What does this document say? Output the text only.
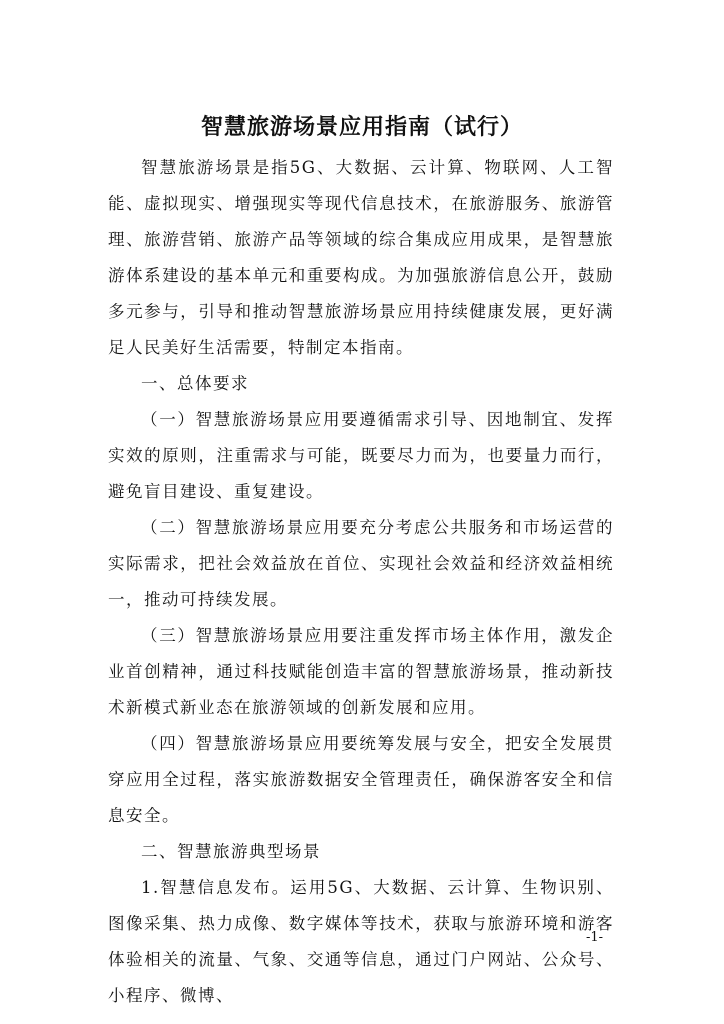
智慧旅游场景应用指南（试行）

智慧旅游场景是指5G、大数据、云计算、物联网、人工智能、虚拟现实、增强现实等现代信息技术，在旅游服务、旅游管理、旅游营销、旅游产品等领域的综合集成应用成果，是智慧旅游体系建设的基本单元和重要构成。为加强旅游信息公开，鼓励多元参与，引导和推动智慧旅游场景应用持续健康发展，更好满足人民美好生活需要，特制定本指南。

一、总体要求

（一）智慧旅游场景应用要遵循需求引导、因地制宜、发挥实效的原则，注重需求与可能，既要尽力而为，也要量力而行，避免盲目建设、重复建设。

（二）智慧旅游场景应用要充分考虑公共服务和市场运营的实际需求，把社会效益放在首位、实现社会效益和经济效益相统一，推动可持续发展。

（三）智慧旅游场景应用要注重发挥市场主体作用，激发企业首创精神，通过科技赋能创造丰富的智慧旅游场景，推动新技术新模式新业态在旅游领域的创新发展和应用。

（四）智慧旅游场景应用要统筹发展与安全，把安全发展贯穿应用全过程，落实旅游数据安全管理责任，确保游客安全和信息安全。

二、智慧旅游典型场景

1.智慧信息发布。运用5G、大数据、云计算、生物识别、图像采集、热力成像、数字媒体等技术，获取与旅游环境和游客体验相关的流量、气象、交通等信息，通过门户网站、公众号、小程序、微博、

-1-
